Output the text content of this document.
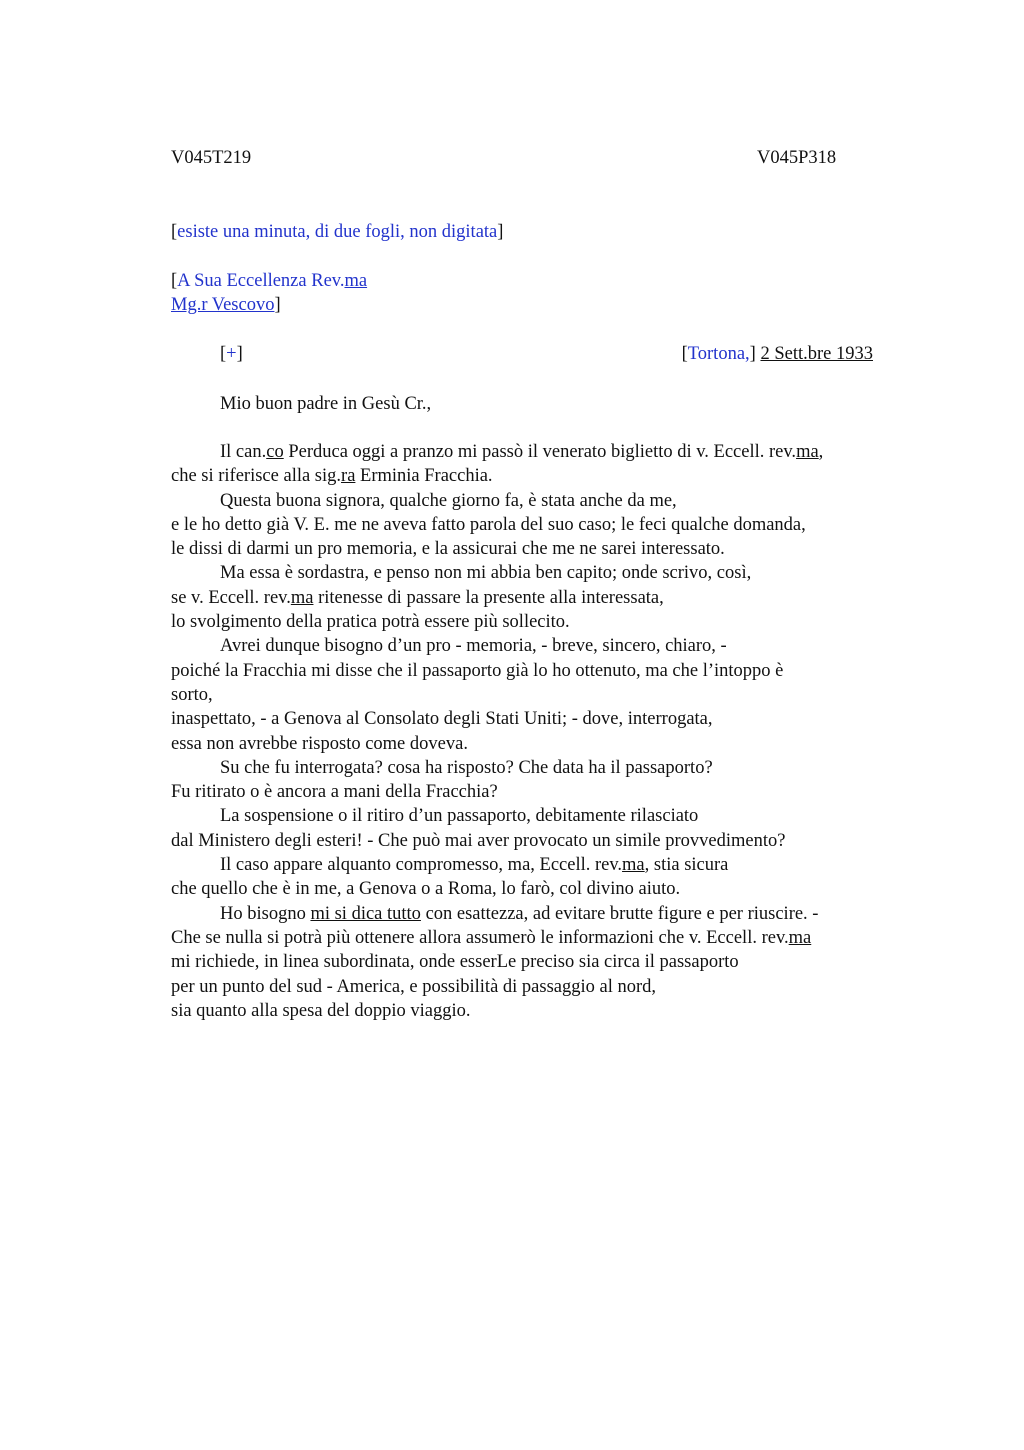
V045T219	V045P318
[esiste una minuta, di due fogli, non digitata]
[A Sua Eccellenza Rev.ma
Mg.r Vescovo]
[+]	[Tortona,] 2 Sett.bre 1933
Mio buon padre in Gesù Cr.,
Il can.co Perduca oggi a pranzo mi passò il venerato biglietto di v. Eccell. rev.ma,
che si riferisce alla sig.ra Erminia Fracchia.
Questa buona signora, qualche giorno fa, è stata anche da me,
e le ho detto già V. E. me ne aveva fatto parola del suo caso; le feci qualche domanda,
le dissi di darmi un pro memoria, e la assicurai che me ne sarei interessato.
Ma essa è sordastra, e penso non mi abbia ben capito; onde scrivo, così,
se v. Eccell. rev.ma ritenesse di passare la presente alla interessata,
lo svolgimento della pratica potrà essere più sollecito.
Avrei dunque bisogno d’un pro - memoria, - breve, sincero, chiaro, -
poiché la Fracchia mi disse che il passaporto già lo ho ottenuto, ma che l’intoppo è
sorto,
inaspettato, - a Genova al Consolato degli Stati Uniti; - dove, interrogata,
essa non avrebbe risposto come doveva.
Su che fu interrogata? cosa ha risposto? Che data ha il passaporto?
Fu ritirato o è ancora a mani della Fracchia?
La sospensione o il ritiro d’un passaporto, debitamente rilasciato
dal Ministero degli esteri! - Che può mai aver provocato un simile provvedimento?
Il caso appare alquanto compromesso, ma, Eccell. rev.ma, stia sicura
che quello che è in me, a Genova o a Roma, lo farò, col divino aiuto.
Ho bisogno mi si dica tutto con esattezza, ad evitare brutte figure e per riuscire. -
Che se nulla si potrà più ottenere allora assumerò le informazioni che v. Eccell. rev.ma
mi richiede, in linea subordinata, onde esserLe preciso sia circa il passaporto
per un punto del sud - America, e possibilità di passaggio al nord,
sia quanto alla spesa del doppio viaggio.
